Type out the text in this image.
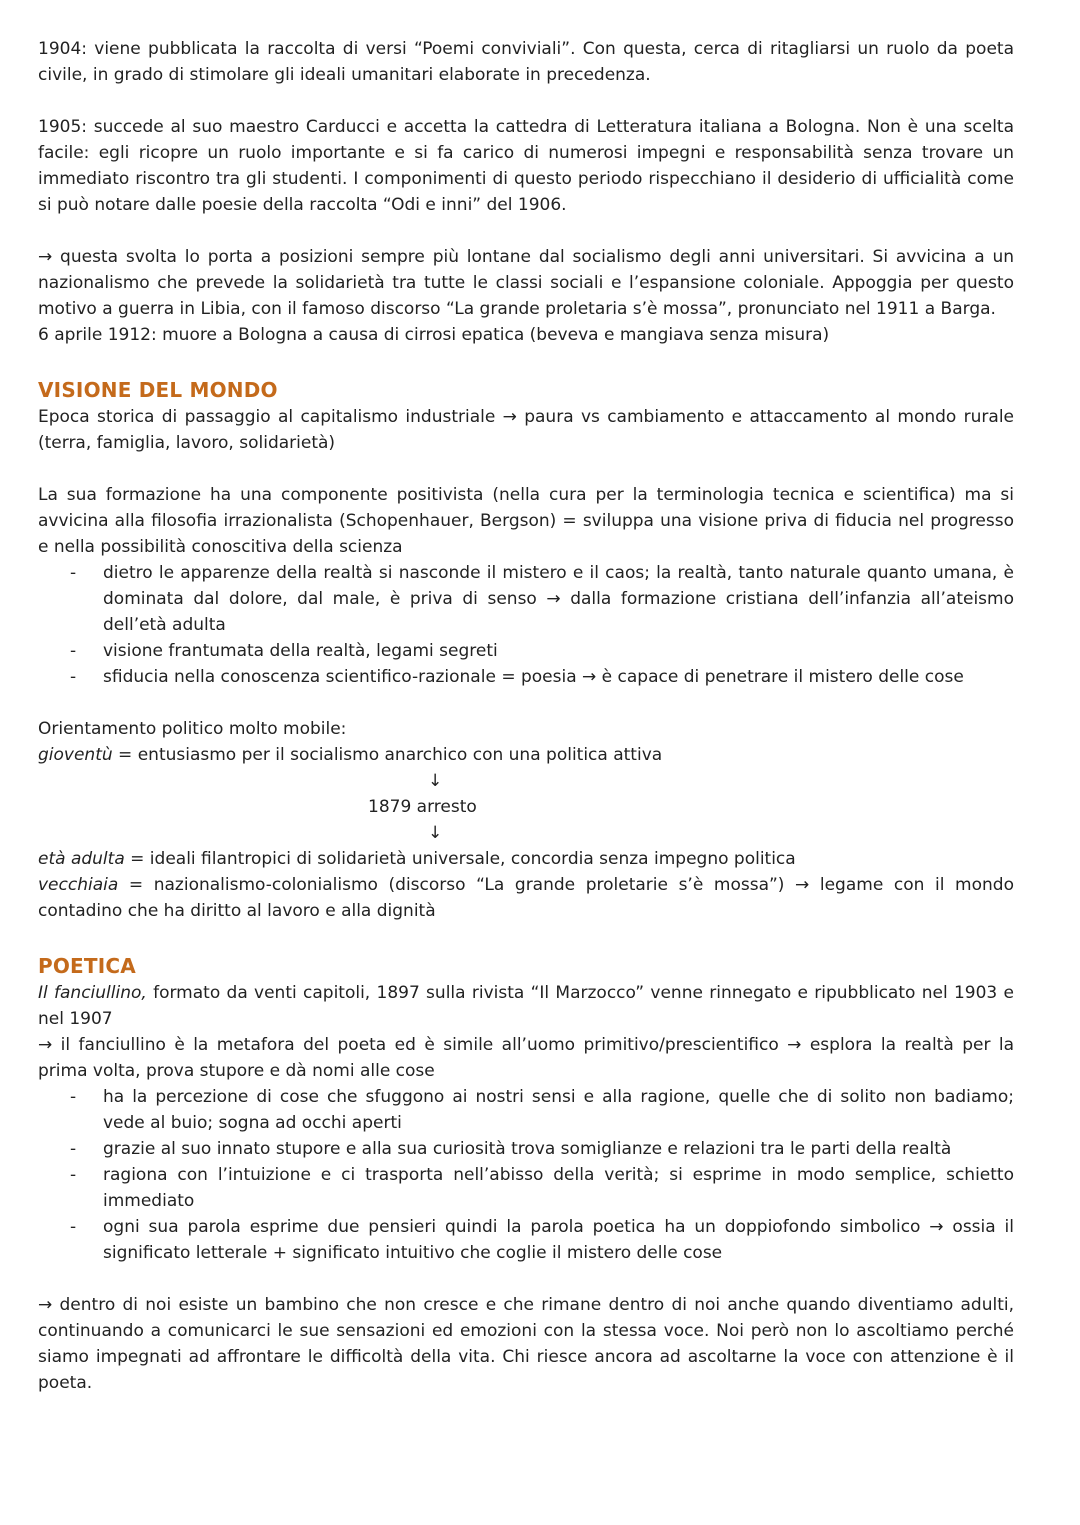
1904: viene pubblicata la raccolta di versi “Poemi conviviali”. Con questa, cerca di ritagliarsi un ruolo da poeta civile, in grado di stimolare gli ideali umanitari elaborate in precedenza.

1905: succede al suo maestro Carducci e accetta la cattedra di Letteratura italiana a Bologna. Non è una scelta facile: egli ricopre un ruolo importante e si fa carico di numerosi impegni e responsabilità senza trovare un immediato riscontro tra gli studenti. I componimenti di questo periodo rispecchiano il desiderio di ufficialità come si può notare dalle poesie della raccolta “Odi e inni” del 1906.

→ questa svolta lo porta a posizioni sempre più lontane dal socialismo degli anni universitari. Si avvicina a un nazionalismo che prevede la solidarietà tra tutte le classi sociali e l’espansione coloniale. Appoggia per questo motivo a guerra in Libia, con il famoso discorso “La grande proletaria s’è mossa”, pronunciato nel 1911 a Barga.

6 aprile 1912: muore a Bologna a causa di cirrosi epatica (beveva e mangiava senza misura)

VISIONE DEL MONDO

Epoca storica di passaggio al capitalismo industriale → paura vs cambiamento e attaccamento al mondo rurale (terra, famiglia, lavoro, solidarietà)

La sua formazione ha una componente positivista (nella cura per la terminologia tecnica e scientifica) ma si avvicina alla filosofia irrazionalista (Schopenhauer, Bergson) = sviluppa una visione priva di fiducia nel progresso e nella possibilità conoscitiva della scienza

- dietro le apparenze della realtà si nasconde il mistero e il caos; la realtà, tanto naturale quanto umana, è dominata dal dolore, dal male, è priva di senso → dalla formazione cristiana dell’infanzia all’ateismo dell’età adulta
- visione frantumata della realtà, legami segreti
- sfiducia nella conoscenza scientifico-razionale = poesia → è capace di penetrare il mistero delle cose

Orientamento politico molto mobile:

gioventù = entusiasmo per il socialismo anarchico con una politica attiva

↓
1879 arresto
↓

età adulta = ideali filantropici di solidarietà universale, concordia senza impegno politica

vecchiaia = nazionalismo-colonialismo (discorso “La grande proletarie s’è mossa”) → legame con il mondo contadino che ha diritto al lavoro e alla dignità

POETICA

Il fanciullino, formato da venti capitoli, 1897 sulla rivista “Il Marzocco” venne rinnegato e ripubblicato nel 1903 e nel 1907

→ il fanciullino è la metafora del poeta ed è simile all’uomo primitivo/prescientifico → esplora la realtà per la prima volta, prova stupore e dà nomi alle cose

- ha la percezione di cose che sfuggono ai nostri sensi e alla ragione, quelle che di solito non badiamo; vede al buio; sogna ad occhi aperti
- grazie al suo innato stupore e alla sua curiosità trova somiglianze e relazioni tra le parti della realtà
- ragiona con l’intuizione e ci trasporta nell’abisso della verità; si esprime in modo semplice, schietto immediato
- ogni sua parola esprime due pensieri quindi la parola poetica ha un doppiofondo simbolico → ossia il significato letterale + significato intuitivo che coglie il mistero delle cose

→ dentro di noi esiste un bambino che non cresce e che rimane dentro di noi anche quando diventiamo adulti, continuando a comunicarci le sue sensazioni ed emozioni con la stessa voce. Noi però non lo ascoltiamo perché siamo impegnati ad affrontare le difficoltà della vita. Chi riesce ancora ad ascoltarne la voce con attenzione è il poeta.
